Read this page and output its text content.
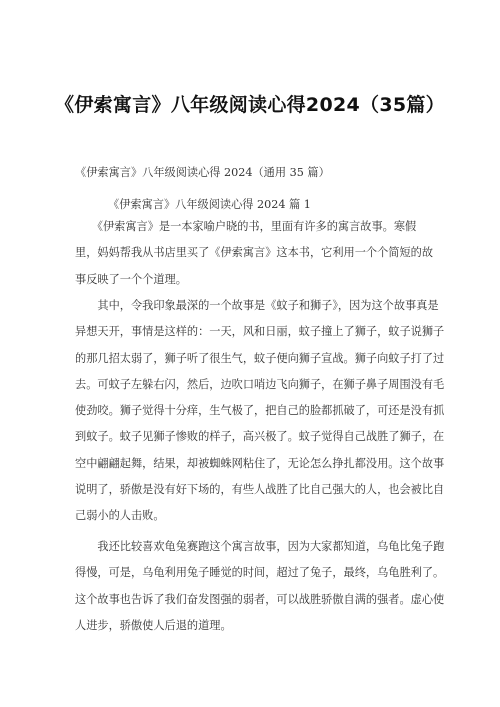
《伊索寓言》八年级阅读心得2024（35篇）
《伊索寓言》八年级阅读心得 2024（通用 35 篇）
《伊索寓言》八年级阅读心得 2024 篇 1
　　《伊索寓言》是一本家喻户晓的书，里面有许多的寓言故事。寒假
里，妈妈帮我从书店里买了《伊索寓言》这本书，它利用一个个简短的故
事反映了一个个道理。
　　其中，令我印象最深的一个故事是《蚊子和狮子》，因为这个故事真是
异想天开，事情是这样的：一天，风和日丽，蚊子撞上了狮子，蚊子说狮子
的那几招太弱了，狮子听了很生气，蚊子便向狮子宣战。狮子向蚊子打了过
去。可蚊子左躲右闪，然后，边吹口哨边飞向狮子，在狮子鼻子周围没有毛
使劲咬。狮子觉得十分痒，生气极了，把自己的脸都抓破了，可还是没有抓
到蚊子。蚊子见狮子惨败的样子，高兴极了。蚊子觉得自己战胜了狮子，在
空中翩翩起舞，结果，却被蜘蛛网粘住了，无论怎么挣扎都没用。这个故事
说明了，骄傲是没有好下场的，有些人战胜了比自己强大的人，也会被比自
己弱小的人击败。
　　我还比较喜欢龟兔赛跑这个寓言故事，因为大家都知道，乌龟比兔子跑
得慢，可是，乌龟利用兔子睡觉的时间，超过了兔子，最终，乌龟胜利了。
这个故事也告诉了我们奋发图强的弱者，可以战胜骄傲自满的强者。虚心使
人进步，骄傲使人后退的道理。
